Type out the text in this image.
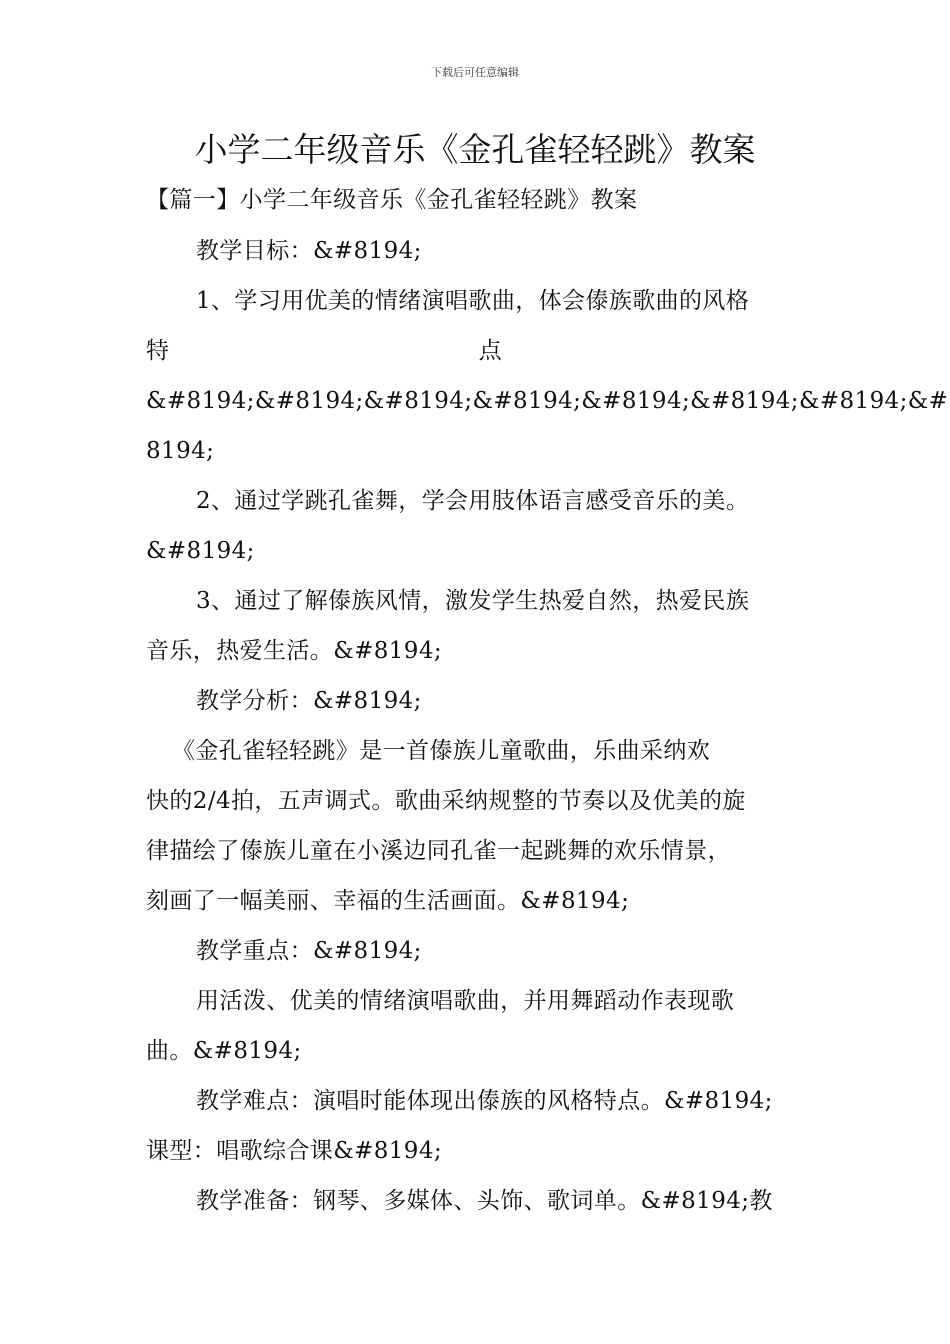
下载后可任意编辑
小学二年级音乐《金孔雀轻轻跳》教案
【篇一】小学二年级音乐《金孔雀轻轻跳》教案
教学目标：&#8194;
1、学习用优美的情绪演唱歌曲，体会傣族歌曲的风格
特	点
&#8194;&#8194;&#8194;&#8194;&#8194;&#8194;&#8194;&#
8194;
2、通过学跳孔雀舞，学会用肢体语言感受音乐的美。
&#8194;
3、通过了解傣族风情，激发学生热爱自然，热爱民族
音乐，热爱生活。&#8194;
教学分析：&#8194;
《金孔雀轻轻跳》是一首傣族儿童歌曲，乐曲采纳欢
快的2/4拍，五声调式。歌曲采纳规整的节奏以及优美的旋
律描绘了傣族儿童在小溪边同孔雀一起跳舞的欢乐情景，
刻画了一幅美丽、幸福的生活画面。&#8194;
教学重点：&#8194;
用活泼、优美的情绪演唱歌曲，并用舞蹈动作表现歌
曲。&#8194;
教学难点：演唱时能体现出傣族的风格特点。&#8194;
课型：唱歌综合课&#8194;
教学准备：钢琴、多媒体、头饰、歌词单。&#8194;教
